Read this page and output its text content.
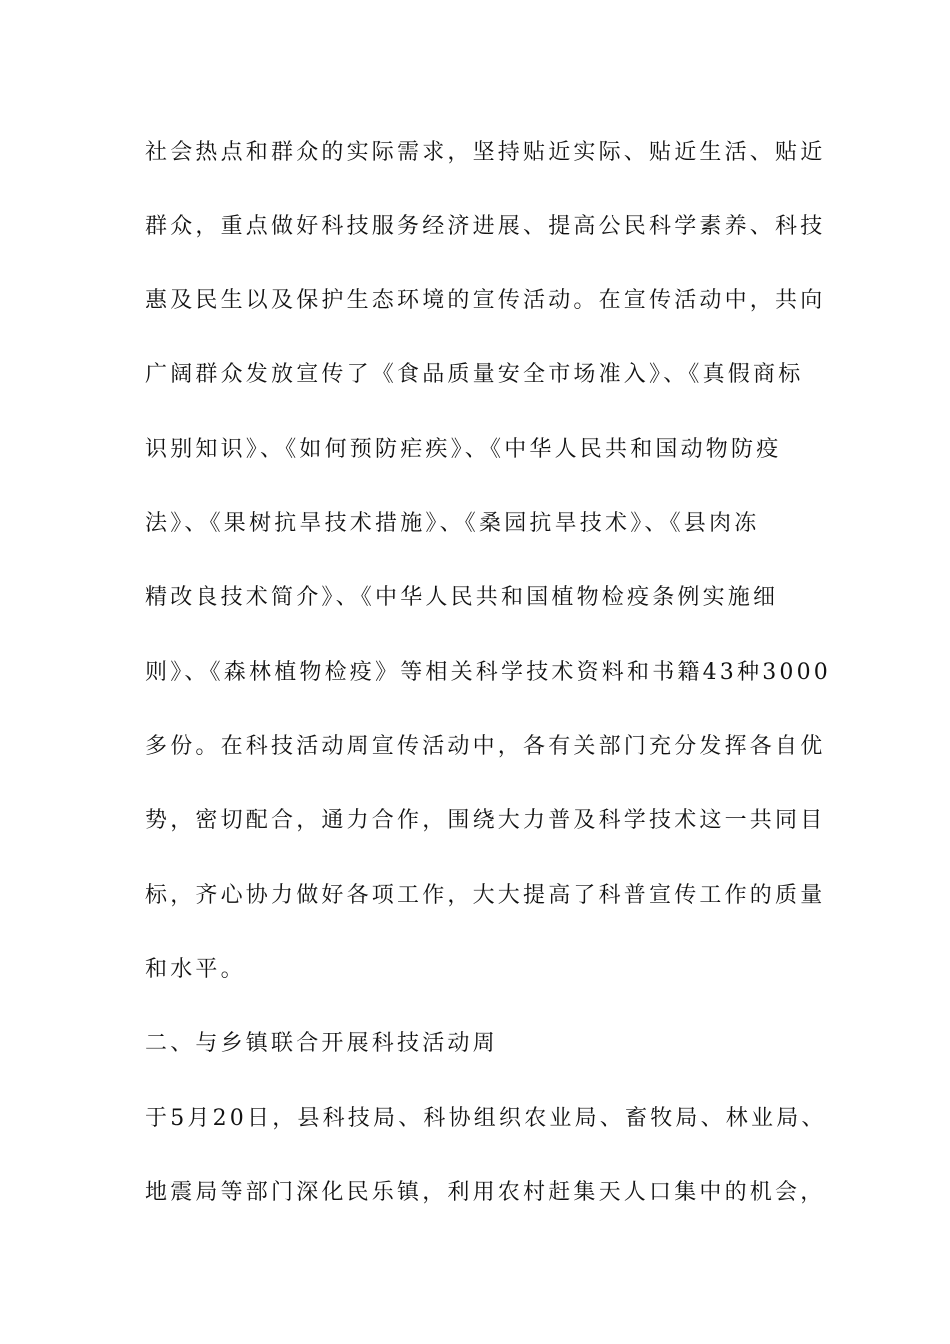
社会热点和群众的实际需求，坚持贴近实际、贴近生活、贴近
群众，重点做好科技服务经济进展、提高公民科学素养、科技
惠及民生以及保护生态环境的宣传活动。在宣传活动中，共向
广阔群众发放宣传了《食品质量安全市场准入》、《真假商标
识别知识》、《如何预防疟疾》、《中华人民共和国动物防疫
法》、《果树抗旱技术措施》、《桑园抗旱技术》、《县肉冻
精改良技术简介》、《中华人民共和国植物检疫条例实施细
则》、《森林植物检疫》等相关科学技术资料和书籍43种3000
多份。在科技活动周宣传活动中，各有关部门充分发挥各自优
势，密切配合，通力合作，围绕大力普及科学技术这一共同目
标，齐心协力做好各项工作，大大提高了科普宣传工作的质量
和水平。
二、与乡镇联合开展科技活动周
于5月20日，县科技局、科协组织农业局、畜牧局、林业局、
地震局等部门深化民乐镇，利用农村赶集天人口集中的机会，
